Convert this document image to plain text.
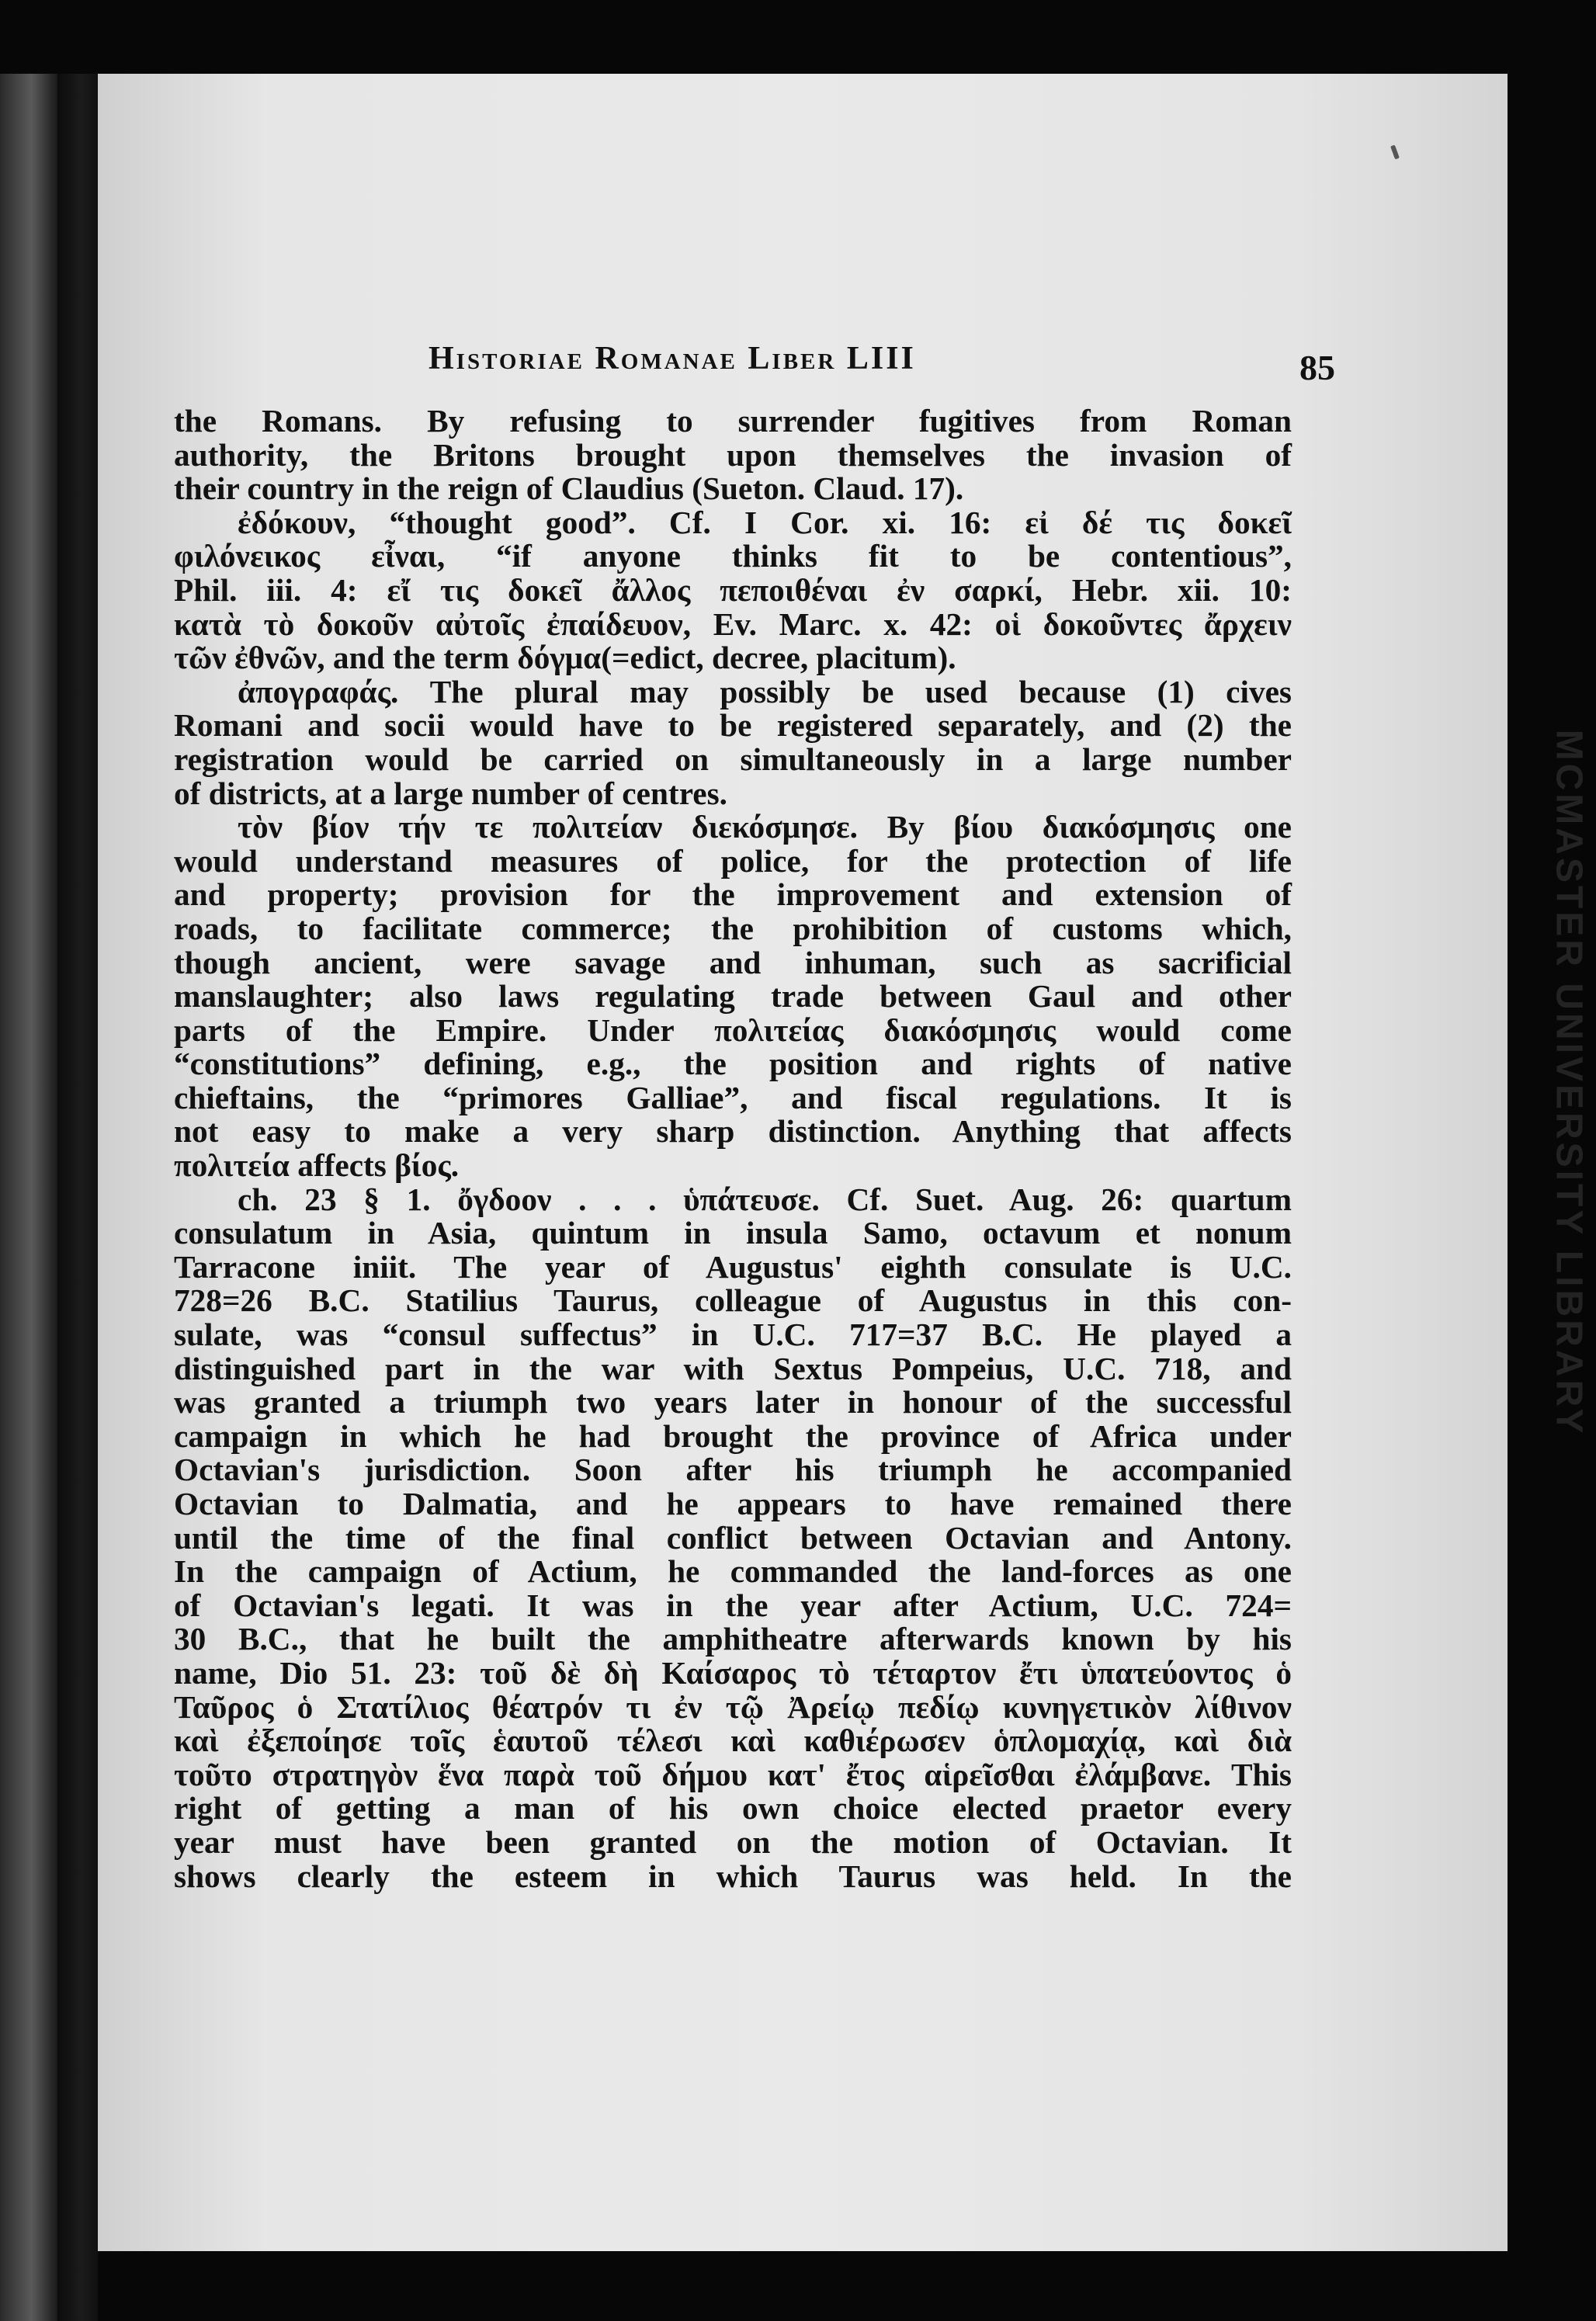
Historiae Romanae Liber LIII	85
the Romans. By refusing to surrender fugitives from Roman
authority, the Britons brought upon themselves the invasion of
their country in the reign of Claudius (Sueton. Claud. 17).
ἐδόκουν, “thought good”. Cf. I Cor. xi. 16: εἰ δέ τις δοκεῖ
φιλόνεικος εἶναι, “if anyone thinks fit to be contentious”,
Phil. iii. 4: εἴ τις δοκεῖ ἄλλος πεποιθέναι ἐν σαρκί, Hebr. xii. 10:
κατὰ τὸ δοκοῦν αὐτοῖς ἐπαίδευον, Ev. Marc. x. 42: οἱ δοκοῦντες ἄρχειν
τῶν ἐθνῶν, and the term δόγμα(=edict, decree, placitum).
ἀπογραφάς. The plural may possibly be used because (1) cives
Romani and socii would have to be registered separately, and (2) the
registration would be carried on simultaneously in a large number
of districts, at a large number of centres.
τὸν βίον τήν τε πολιτείαν διεκόσμησε. By βίου διακόσμησις one
would understand measures of police, for the protection of life
and property; provision for the improvement and extension of
roads, to facilitate commerce; the prohibition of customs which,
though ancient, were savage and inhuman, such as sacrificial
manslaughter; also laws regulating trade between Gaul and other
parts of the Empire. Under πολιτείας διακόσμησις would come
“constitutions” defining, e.g., the position and rights of native
chieftains, the “primores Galliae”, and fiscal regulations. It is
not easy to make a very sharp distinction. Anything that affects
πολιτεία affects βίος.
ch. 23 § 1. ὄγδοον . . . ὑπάτευσε. Cf. Suet. Aug. 26: quartum
consulatum in Asia, quintum in insula Samo, octavum et nonum
Tarracone iniit. The year of Augustus' eighth consulate is U.C.
728=26 B.C. Statilius Taurus, colleague of Augustus in this con-
sulate, was “consul suffectus” in U.C. 717=37 B.C. He played a
distinguished part in the war with Sextus Pompeius, U.C. 718, and
was granted a triumph two years later in honour of the successful
campaign in which he had brought the province of Africa under
Octavian's jurisdiction. Soon after his triumph he accompanied
Octavian to Dalmatia, and he appears to have remained there
until the time of the final conflict between Octavian and Antony.
In the campaign of Actium, he commanded the land-forces as one
of Octavian's legati. It was in the year after Actium, U.C. 724=
30 B.C., that he built the amphitheatre afterwards known by his
name, Dio 51. 23: τοῦ δὲ δὴ Καίσαρος τὸ τέταρτον ἔτι ὑπατεύοντος ὁ
Ταῦρος ὁ Στατίλιος θέατρόν τι ἐν τῷ Ἀρείῳ πεδίῳ κυνηγετικὸν λίθινον
καὶ ἐξεποίησε τοῖς ἑαυτοῦ τέλεσι καὶ καθιέρωσεν ὁπλομαχίᾳ, καὶ διὰ
τοῦτο στρατηγὸν ἕνα παρὰ τοῦ δήμου κατ' ἔτος αἱρεῖσθαι ἐλάμβανε. This
right of getting a man of his own choice elected praetor every
year must have been granted on the motion of Octavian. It
shows clearly the esteem in which Taurus was held. In the
MCMASTER UNIVERSITY LIBRARY
